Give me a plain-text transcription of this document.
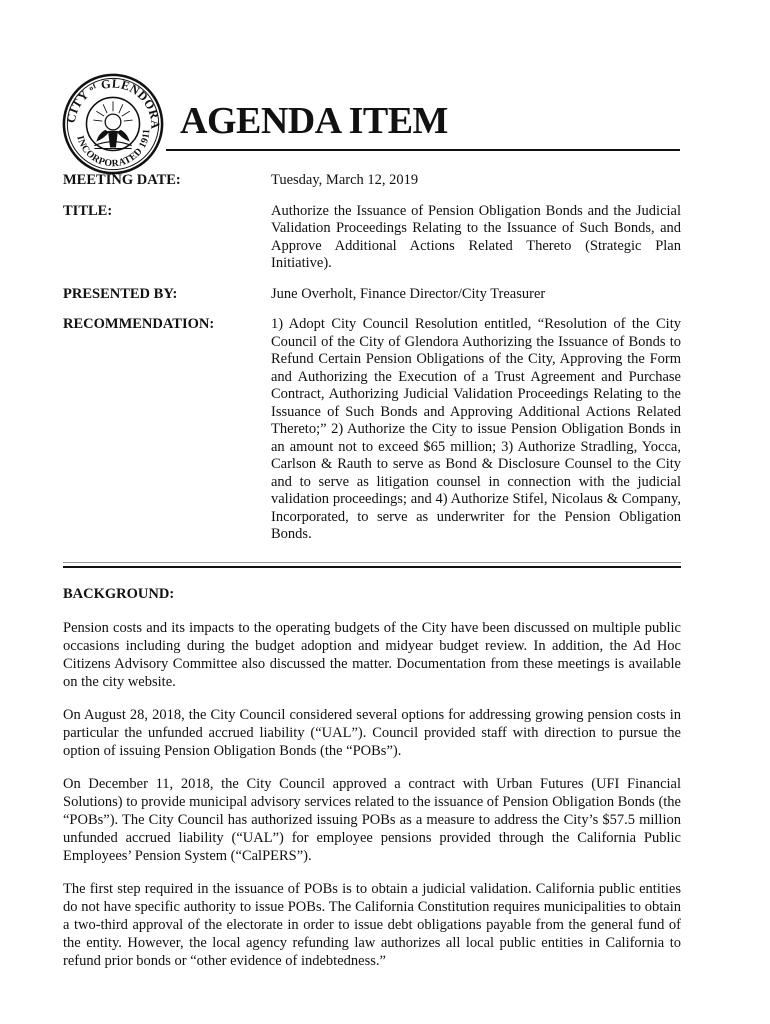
CITY ᵒᶠ GLENDORA
INCORPORATED 1911 AGENDA ITEM
MEETING DATE:	Tuesday, March 12, 2019
TITLE:	Authorize the Issuance of Pension Obligation Bonds and the Judicial Validation Proceedings Relating to the Issuance of Such Bonds, and Approve Additional Actions Related Thereto (Strategic Plan Initiative).
PRESENTED BY:	June Overholt, Finance Director/City Treasurer
RECOMMENDATION:	1) Adopt City Council Resolution entitled, “Resolution of the City Council of the City of Glendora Authorizing the Issuance of Bonds to Refund Certain Pension Obligations of the City, Approving the Form and Authorizing the Execution of a Trust Agreement and Purchase Contract, Authorizing Judicial Validation Proceedings Relating to the Issuance of Such Bonds and Approving Additional Actions Related Thereto;” 2) Authorize the City to issue Pension Obligation Bonds in an amount not to exceed $65 million; 3) Authorize Stradling, Yocca, Carlson & Rauth to serve as Bond & Disclosure Counsel to the City and to serve as litigation counsel in connection with the judicial validation proceedings; and 4) Authorize Stifel, Nicolaus & Company, Incorporated, to serve as underwriter for the Pension Obligation Bonds.
BACKGROUND:

Pension costs and its impacts to the operating budgets of the City have been discussed on multiple public occasions including during the budget adoption and midyear budget review. In addition, the Ad Hoc Citizens Advisory Committee also discussed the matter. Documentation from these meetings is available on the city website.

On August 28, 2018, the City Council considered several options for addressing growing pension costs in particular the unfunded accrued liability (“UAL”). Council provided staff with direction to pursue the option of issuing Pension Obligation Bonds (the “POBs”).

On December 11, 2018, the City Council approved a contract with Urban Futures (UFI Financial Solutions) to provide municipal advisory services related to the issuance of Pension Obligation Bonds (the “POBs”). The City Council has authorized issuing POBs as a measure to address the City’s $57.5 million unfunded accrued liability (“UAL”) for employee pensions provided through the California Public Employees’ Pension System (“CalPERS”).

The first step required in the issuance of POBs is to obtain a judicial validation. California public entities do not have specific authority to issue POBs. The California Constitution requires municipalities to obtain a two-third approval of the electorate in order to issue debt obligations payable from the general fund of the entity. However, the local agency refunding law authorizes all local public entities in California to refund prior bonds or “other evidence of indebtedness.”
